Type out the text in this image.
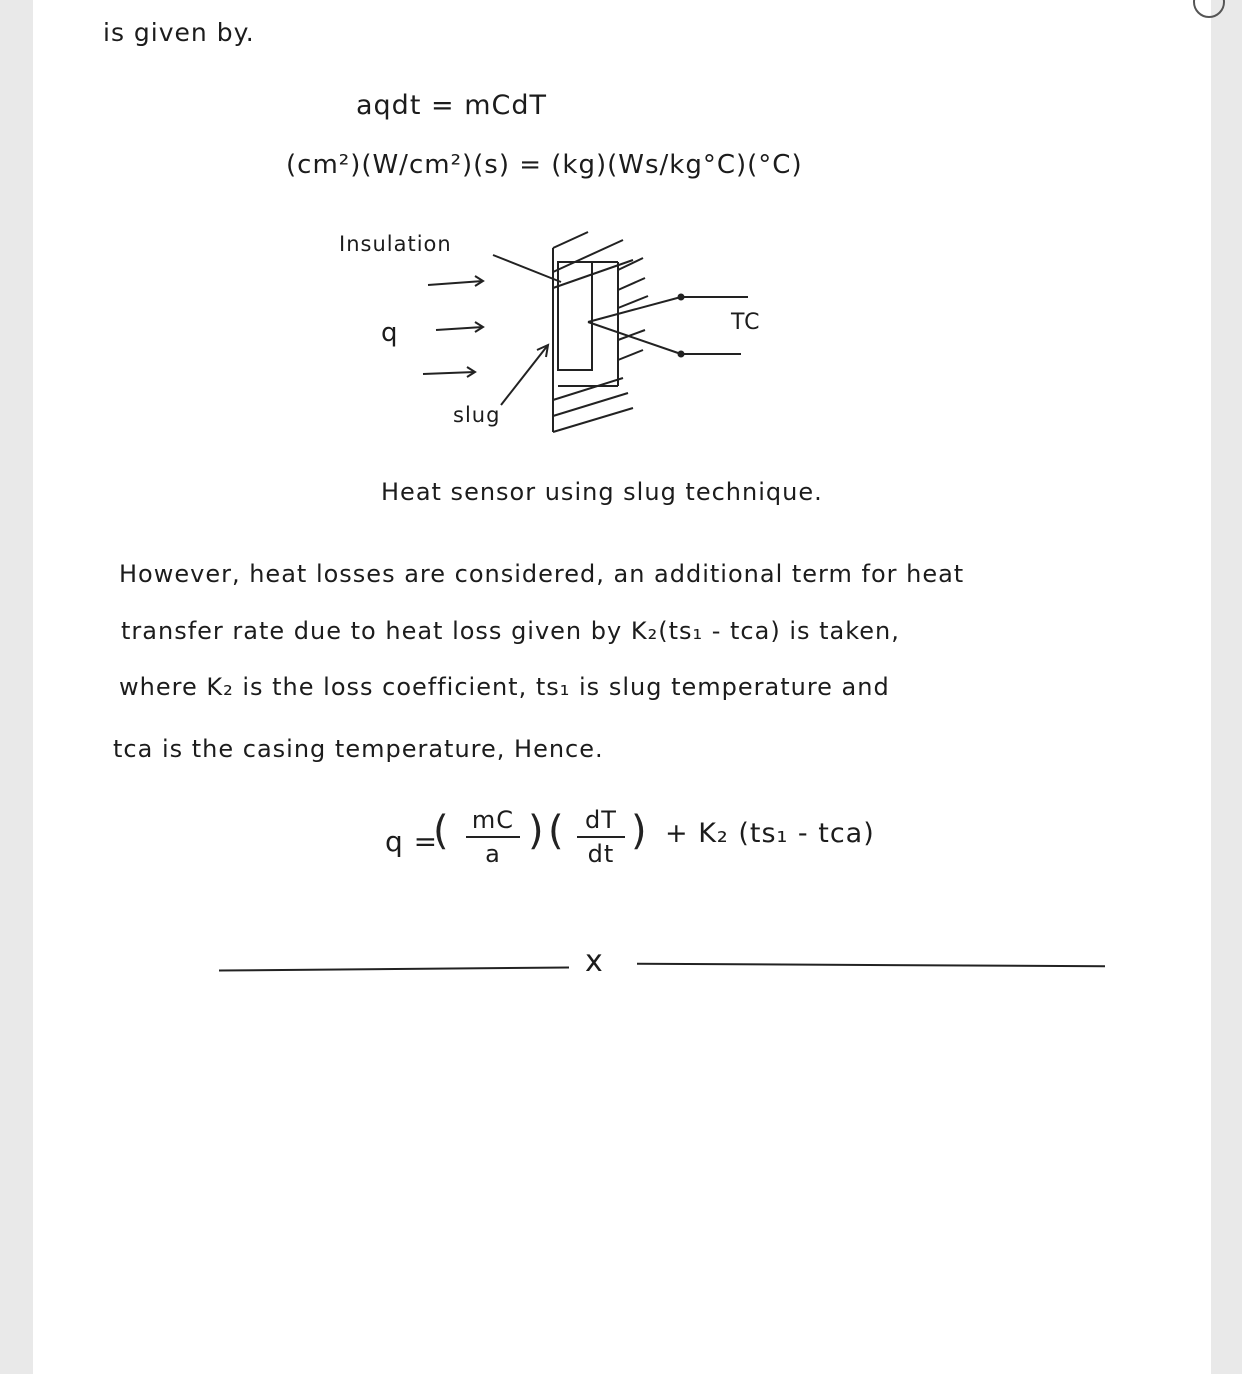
is given by.
aqdt = mCdT
(cm²)(W/cm²)(s) = (kg)(Ws/kg°C)(°C)
Insulation
q	TC
slug
Heat sensor using slug technique.
However, heat losses are considered, an additional term for heat
transfer rate due to heat loss given by K₂(ts₁ - tca) is taken,
where K₂ is the loss coefficient, ts₁ is slug temperature and
tca is the casing temperature, Hence.
q =
( mC
a ) ( dT
dt ) + K₂ (ts₁ - tca)
x
